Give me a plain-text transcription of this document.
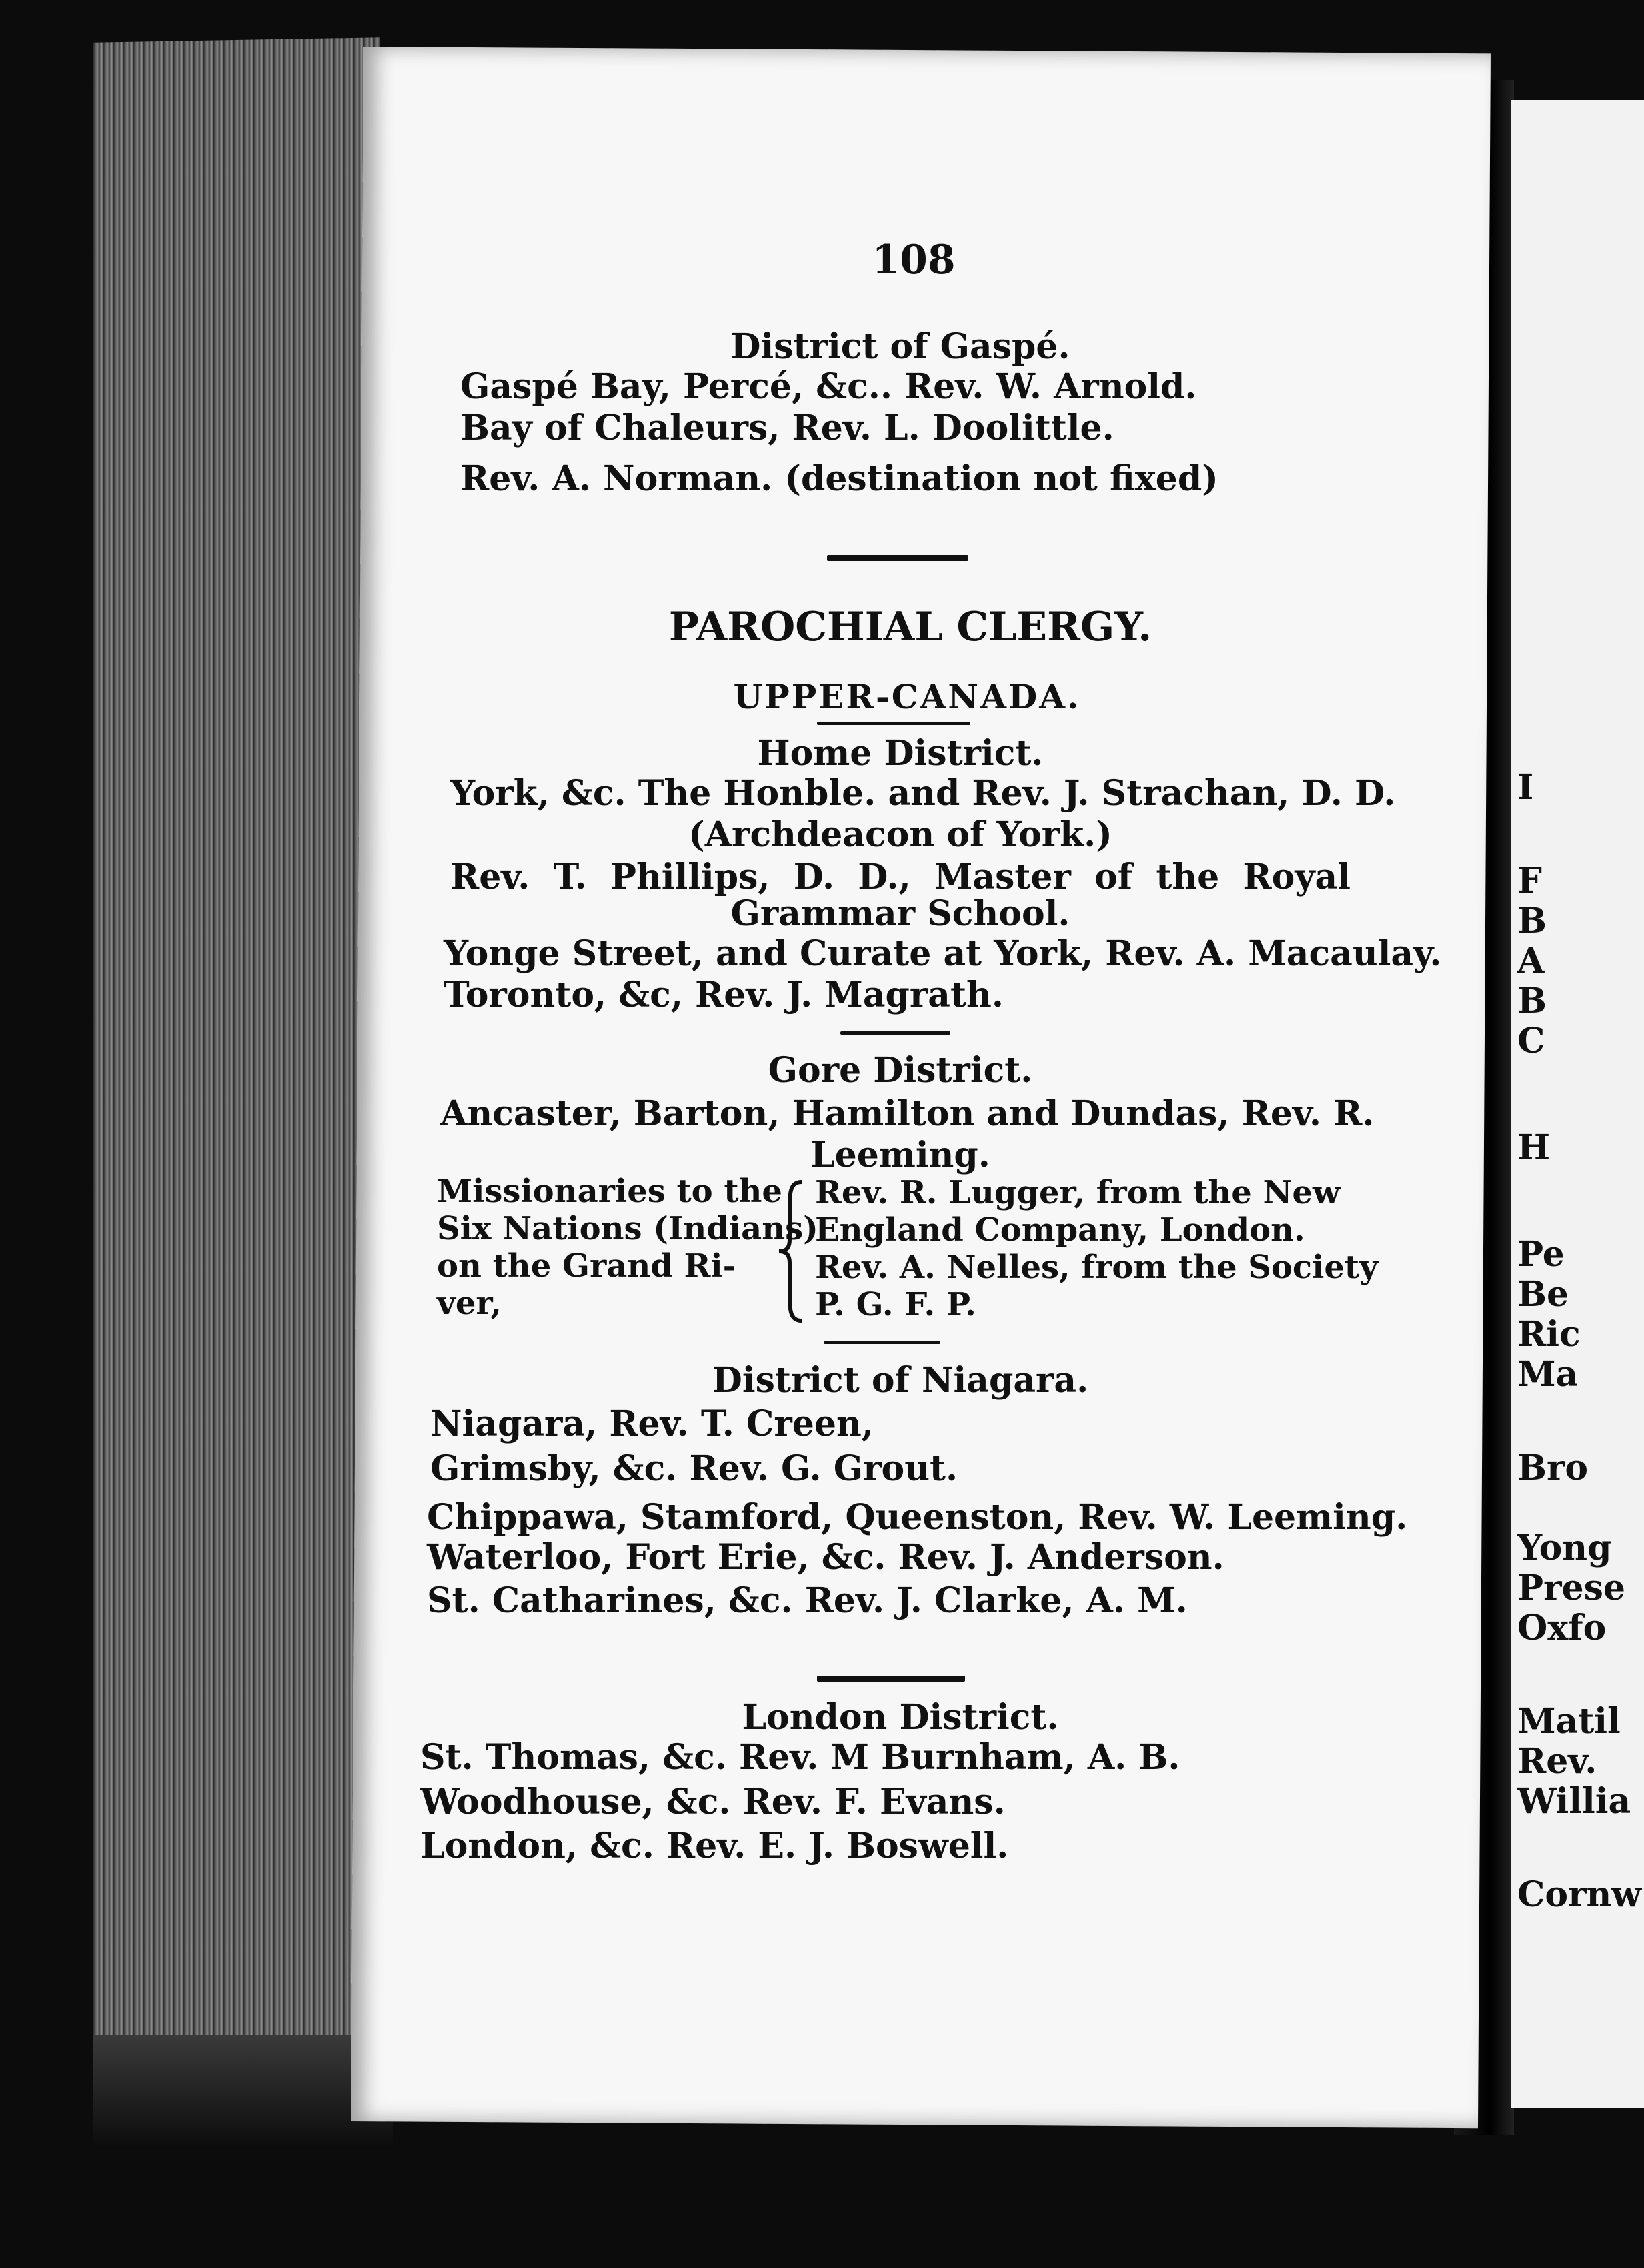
I
F
B
A
B
C
H
Pe
Be
Ric
Ma
Bro
Yong
Prese
Oxfo
Matil
Rev.
Willia
Cornw
108
District of Gaspé.
Gaspé Bay, Percé, &c.. Rev. W. Arnold.
Bay of Chaleurs, Rev. L. Doolittle.
Rev. A. Norman. (destination not fixed)
PAROCHIAL CLERGY.
UPPER-CANADA.
Home District.
York, &c. The Honble. and Rev. J. Strachan, D. D.
(Archdeacon of York.)
Rev. T. Phillips, D. D., Master of the Royal
Grammar School.
Yonge Street, and Curate at York, Rev. A. Macaulay.
Toronto, &c, Rev. J. Magrath.
Gore District.
Ancaster, Barton, Hamilton and Dundas, Rev. R.
Leeming.
Missionaries to the
Six Nations (Indians)
on the Grand Ri-
ver,
Rev. R. Lugger, from the New
England Company, London.
Rev. A. Nelles, from the Society
P. G. F. P.
District of Niagara.
Niagara, Rev. T. Creen,
Grimsby, &c. Rev. G. Grout.
Chippawa, Stamford, Queenston, Rev. W. Leeming.
Waterloo, Fort Erie, &c. Rev. J. Anderson.
St. Catharines, &c. Rev. J. Clarke, A. M.
London District.
St. Thomas, &c. Rev. M Burnham, A. B.
Woodhouse, &c. Rev. F. Evans.
London, &c. Rev. E. J. Boswell.
